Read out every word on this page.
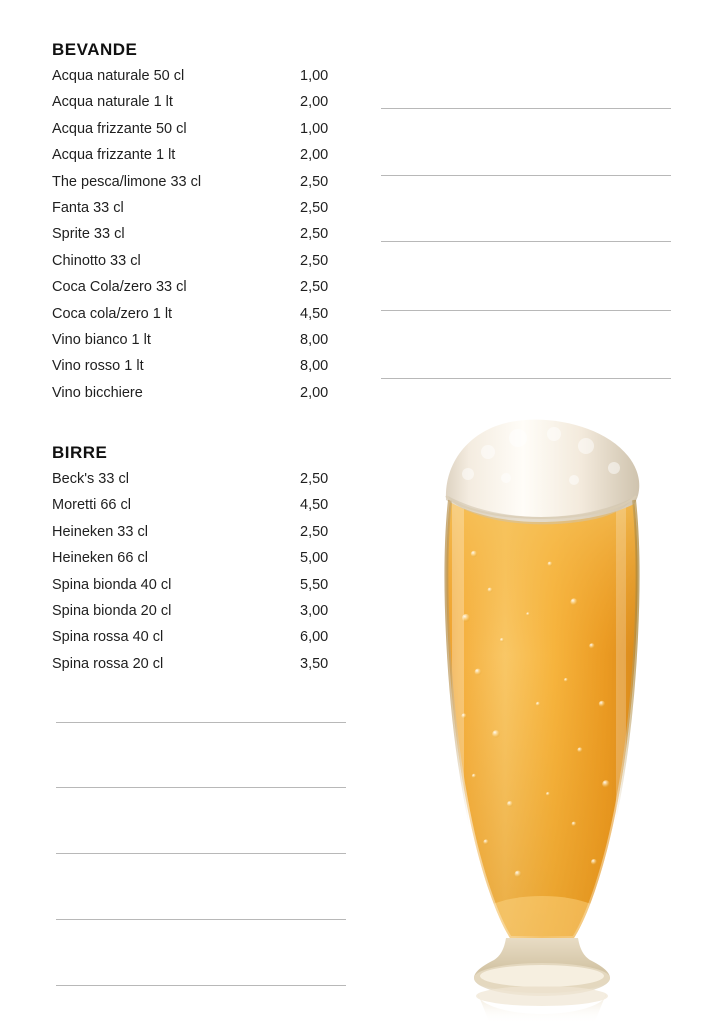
BEVANDE
Acqua naturale 50 cl	1,00
Acqua naturale 1 lt	2,00
Acqua frizzante 50 cl	1,00
Acqua frizzante 1 lt	2,00
The pesca/limone 33 cl	2,50
Fanta 33 cl	2,50
Sprite 33 cl	2,50
Chinotto 33 cl	2,50
Coca Cola/zero 33 cl	2,50
Coca cola/zero 1 lt	4,50
Vino bianco 1 lt	8,00
Vino rosso 1 lt	8,00
Vino bicchiere	2,00
BIRRE
Beck's 33 cl	2,50
Moretti 66 cl	4,50
Heineken 33 cl	2,50
Heineken 66 cl	5,00
Spina bionda 40 cl	5,50
Spina bionda 20 cl	3,00
Spina rossa 40 cl	6,00
Spina rossa 20 cl	3,50
